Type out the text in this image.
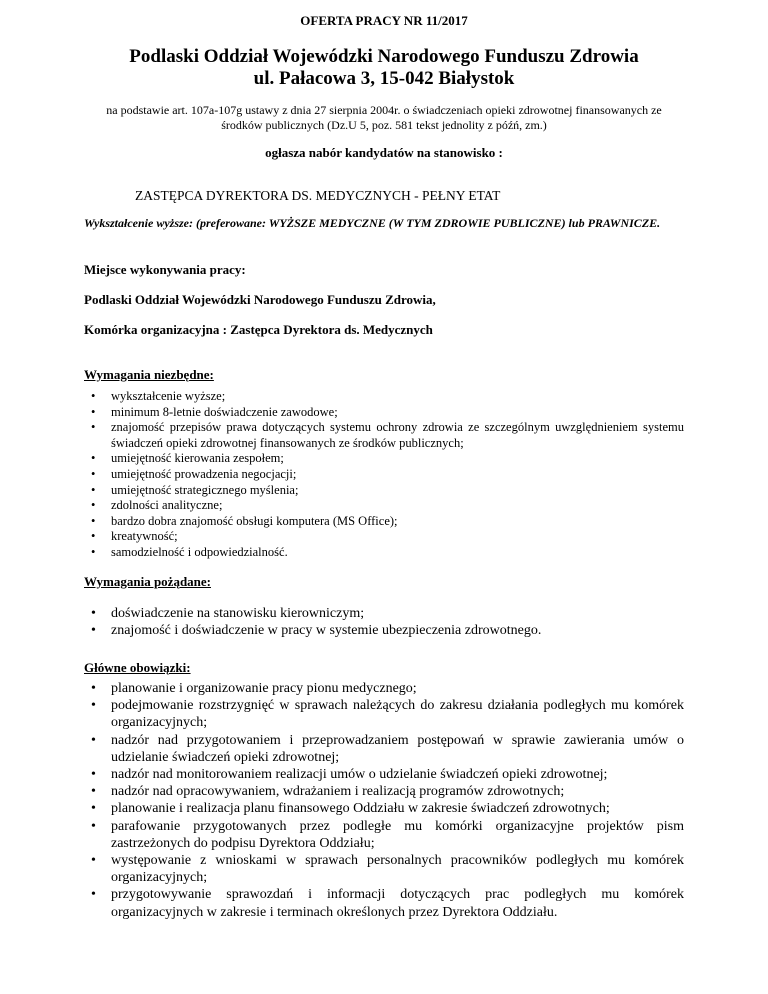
OFERTA PRACY NR 11/2017
Podlaski Oddział Wojewódzki Narodowego Funduszu Zdrowia
ul. Pałacowa 3, 15-042 Białystok
na podstawie art. 107a-107g ustawy z dnia 27 sierpnia 2004r. o świadczeniach opieki zdrowotnej finansowanych ze
środków publicznych (Dz.U 5, poz. 581 tekst jednolity z późń, zm.)
ogłasza nabór kandydatów na stanowisko :
ZASTĘPCA DYREKTORA DS. MEDYCZNYCH - PEŁNY ETAT
Wykształcenie wyższe: (preferowane: WYŻSZE MEDYCZNE (W TYM ZDROWIE PUBLICZNE) lub PRAWNICZE.
Miejsce wykonywania pracy:
Podlaski Oddział Wojewódzki Narodowego Funduszu Zdrowia,
Komórka organizacyjna : Zastępca Dyrektora ds. Medycznych
Wymagania niezbędne:
• wykształcenie wyższe;
• minimum 8-letnie doświadczenie zawodowe;
• znajomość przepisów prawa dotyczących systemu ochrony zdrowia ze szczególnym uwzględnieniem systemu świadczeń opieki zdrowotnej finansowanych ze środków publicznych;
• umiejętność kierowania zespołem;
• umiejętność prowadzenia negocjacji;
• umiejętność strategicznego myślenia;
• zdolności analityczne;
• bardzo dobra znajomość obsługi komputera (MS Office);
• kreatywność;
• samodzielność i odpowiedzialność.
Wymagania pożądane:
• doświadczenie na stanowisku kierowniczym;
• znajomość i doświadczenie w pracy w systemie ubezpieczenia zdrowotnego.
Główne obowiązki:
• planowanie i organizowanie pracy pionu medycznego;
• podejmowanie rozstrzygnięć w sprawach należących do zakresu działania podległych mu komórek organizacyjnych;
• nadzór nad przygotowaniem i przeprowadzaniem postępowań w sprawie zawierania umów o udzielanie świadczeń opieki zdrowotnej;
• nadzór nad monitorowaniem realizacji umów o udzielanie świadczeń opieki zdrowotnej;
• nadzór nad opracowywaniem, wdrażaniem i realizacją programów zdrowotnych;
• planowanie i realizacja planu finansowego Oddziału w zakresie świadczeń zdrowotnych;
• parafowanie przygotowanych przez podległe mu komórki organizacyjne projektów pism zastrzeżonych do podpisu Dyrektora Oddziału;
• występowanie z wnioskami w sprawach personalnych pracowników podległych mu komórek organizacyjnych;
• przygotowywanie sprawozdań i informacji dotyczących prac podległych mu komórek organizacyjnych w zakresie i terminach określonych przez Dyrektora Oddziału.
